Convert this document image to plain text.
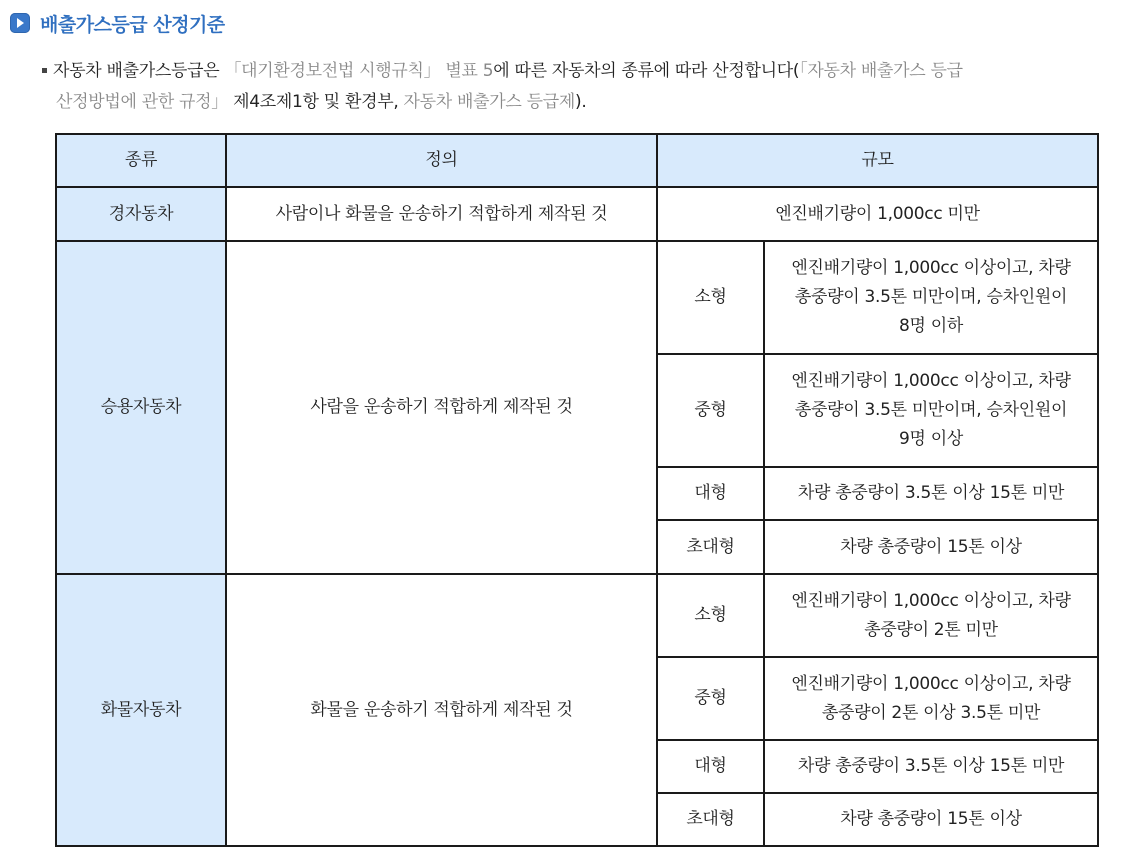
배출가스등급 산정기준
자동차 배출가스등급은 「대기환경보전법 시행규칙」 별표 5에 따른 자동차의 종류에 따라 산정합니다(「자동차 배출가스 등급
산정방법에 관한 규정」 제4조제1항 및 환경부, 자동차 배출가스 등급제).
종류	정의	규모	
경자동차	사람이나 화물을 운송하기 적합하게 제작된 것	엔진배기량이 1,000cc 미만	
승용자동차	사람을 운송하기 적합하게 제작된 것	소형	엔진배기량이 1,000cc 이상이고, 차량
총중량이 3.5톤 미만이며, 승차인원이
8명 이하
		중형	엔진배기량이 1,000cc 이상이고, 차량
총중량이 3.5톤 미만이며, 승차인원이
9명 이상
		대형	차량 총중량이 3.5톤 이상 15톤 미만
		초대형	차량 총중량이 15톤 이상
화물자동차	화물을 운송하기 적합하게 제작된 것	소형	엔진배기량이 1,000cc 이상이고, 차량
총중량이 2톤 미만
		중형	엔진배기량이 1,000cc 이상이고, 차량
총중량이 2톤 이상 3.5톤 미만
		대형	차량 총중량이 3.5톤 이상 15톤 미만
		초대형	차량 총중량이 15톤 이상
